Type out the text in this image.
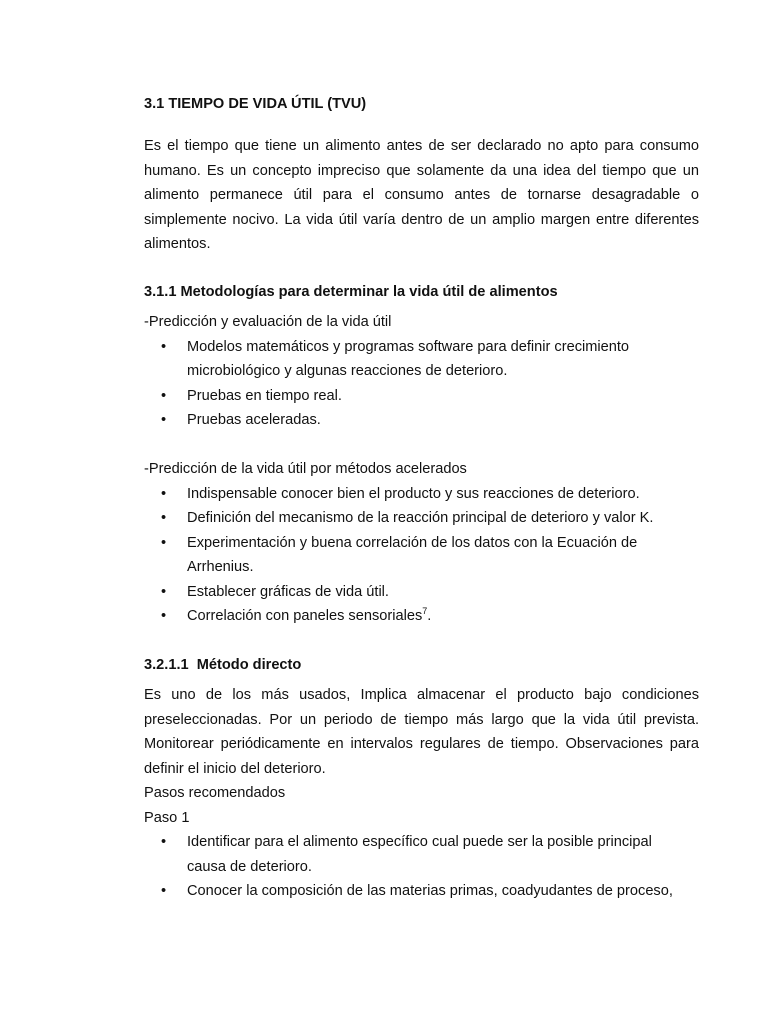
3.1 TIEMPO DE VIDA ÚTIL (TVU)

Es el tiempo que tiene un alimento antes de ser declarado no apto para consumo humano. Es un concepto impreciso que solamente da una idea del tiempo que un alimento permanece útil para el consumo antes de tornarse desagradable o simplemente nocivo. La vida útil varía dentro de un amplio margen entre diferentes alimentos.

3.1.1 Metodologías para determinar la vida útil de alimentos
-Predicción y evaluación de la vida útil
• Modelos matemáticos y programas software para definir crecimiento microbiológico y algunas reacciones de deterioro.
• Pruebas en tiempo real.
• Pruebas aceleradas.
-Predicción de la vida útil por métodos acelerados
• Indispensable conocer bien el producto y sus reacciones de deterioro.
• Definición del mecanismo de la reacción principal de deterioro y valor K.
• Experimentación y buena correlación de los datos con la Ecuación de Arrhenius.
• Establecer gráficas de vida útil.
• Correlación con paneles sensoriales$^7$.
3.2.1.1  Método directo

Es uno de los más usados, Implica almacenar el producto bajo condiciones preseleccionadas. Por un periodo de tiempo más largo que la vida útil prevista. Monitorear periódicamente en intervalos regulares de tiempo. Observaciones para definir el inicio del deterioro.

Pasos recomendados
Paso 1
• Identificar para el alimento específico cual puede ser la posible principal causa de deterioro.
• Conocer la composición de las materias primas, coadyudantes de proceso,
